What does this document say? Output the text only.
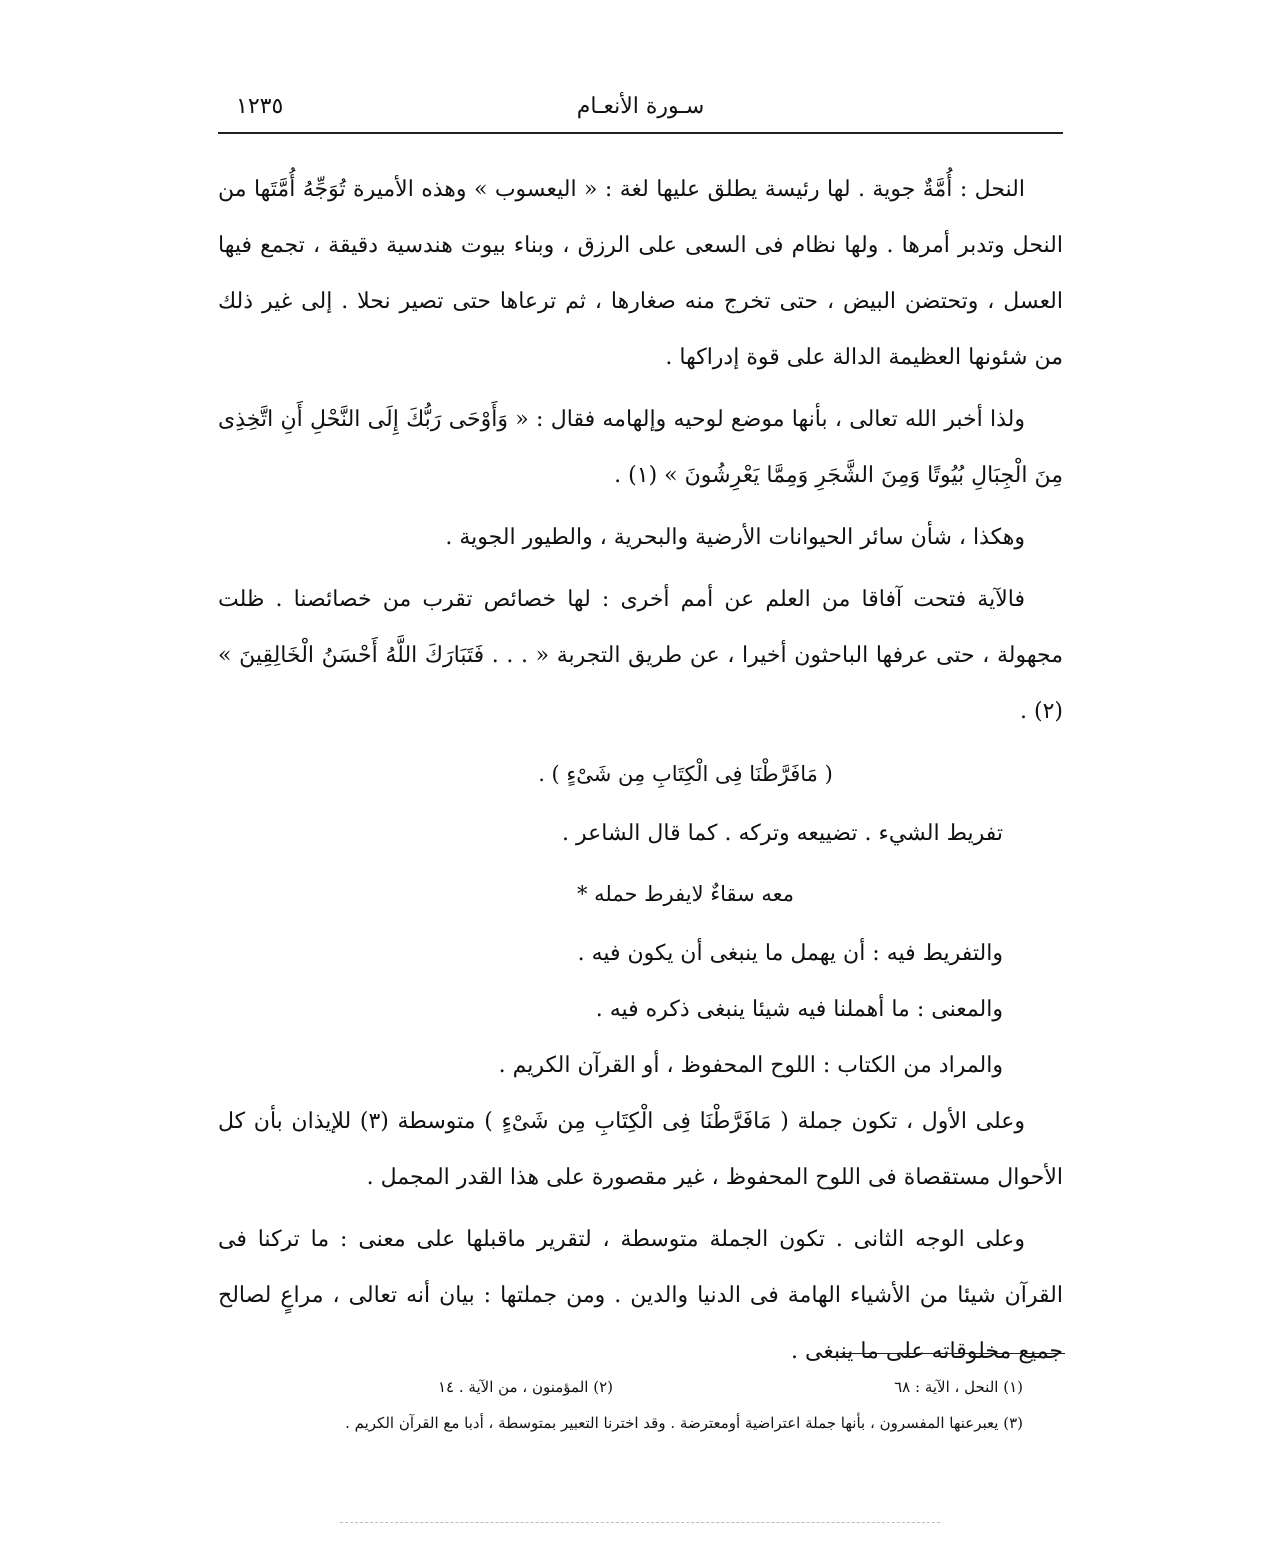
سـورة الأنعـام
١٢٣٥

النحل : أُمَّةٌ جوية . لها رئيسة يطلق عليها لغة : « اليعسوب » وهذه الأميرة تُوَجِّهُ أُمَّتَها من النحل وتدبر أمرها . ولها نظام فى السعى على الرزق ، وبناء بيوت هندسية دقيقة ، تجمع فيها العسل ، وتحتضن البيض ، حتى تخرج منه صغارها ، ثم ترعاها حتى تصير نحلا . إلى غير ذلك من شئونها العظيمة الدالة على قوة إدراكها .

ولذا أخبر الله تعالى ، بأنها موضع لوحيه وإلهامه فقال : « وَأَوْحَى رَبُّكَ إِلَى النَّحْلِ أَنِ اتَّخِذِى مِنَ الْجِبَالِ بُيُوتًا وَمِنَ الشَّجَرِ وَمِمَّا يَعْرِشُونَ » (١) .

وهكذا ، شأن سائر الحيوانات الأرضية والبحرية ، والطيور الجوية .

فالآية فتحت آفاقا من العلم عن أمم أخرى : لها خصائص تقرب من خصائصنا . ظلت مجهولة ، حتى عرفها الباحثون أخيرا ، عن طريق التجربة « . . . فَتَبَارَكَ اللَّهُ أَحْسَنُ الْخَالِقِينَ » (٢) .

( مَافَرَّطْنَا فِى الْكِتَابِ مِن شَىْءٍ ) .

تفريط الشيء . تضييعه وتركه . كما قال الشاعر .

معه سقاءٌ لايفرط حمله *

والتفريط فيه : أن يهمل ما ينبغى أن يكون فيه .

والمعنى : ما أهملنا فيه شيئا ينبغى ذكره فيه .

والمراد من الكتاب : اللوح المحفوظ ، أو القرآن الكريم .

وعلى الأول ، تكون جملة ( مَافَرَّطْنَا فِى الْكِتَابِ مِن شَىْءٍ ) متوسطة (٣) للإيذان بأن كل الأحوال مستقصاة فى اللوح المحفوظ ، غير مقصورة على هذا القدر المجمل .

وعلى الوجه الثانى . تكون الجملة متوسطة ، لتقرير ماقبلها على معنى : ما تركنا فى القرآن شيئا من الأشياء الهامة فى الدنيا والدين . ومن جملتها : بيان أنه تعالى ، مراعٍ لصالح جميع مخلوقاته على ما ينبغى .

(١) النحل ، الآية : ٦٨
(٢) المؤمنون ، من الآية . ١٤
(٣) يعبرعنها المفسرون ، بأنها جملة اعتراضية أومعترضة . وقد اخترنا التعبير بمتوسطة ، أدبا مع القرآن الكريم .
